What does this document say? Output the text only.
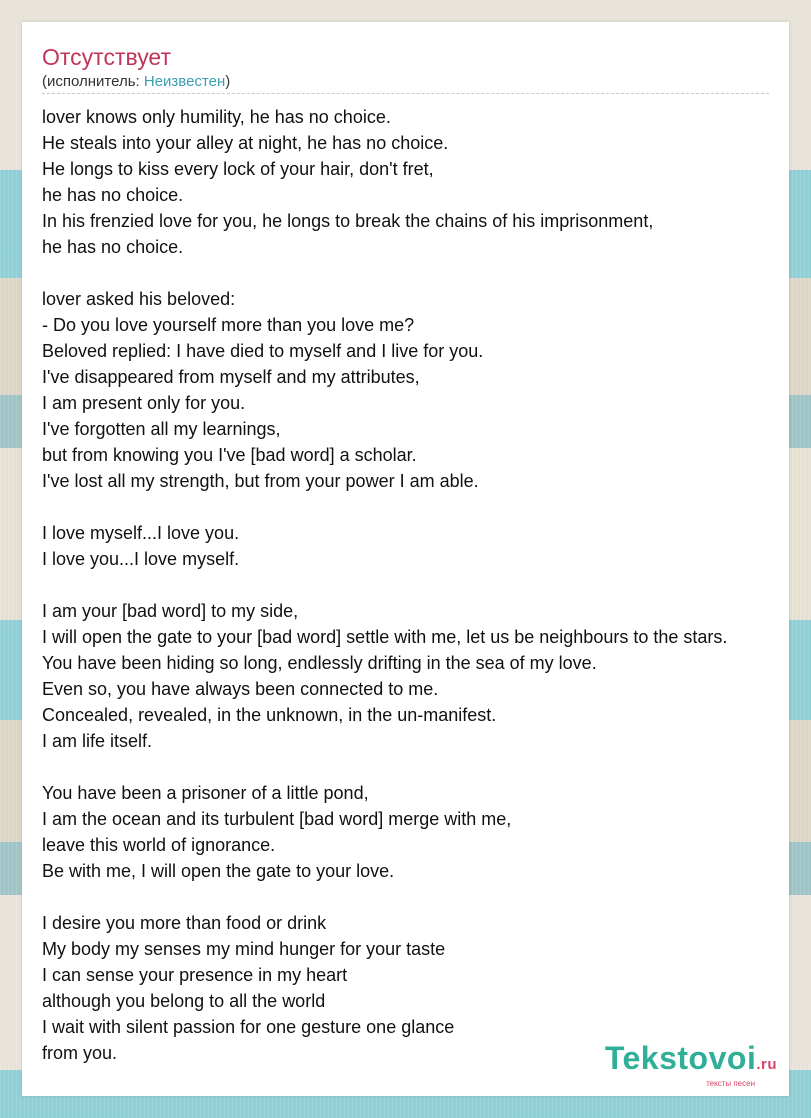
Отсутствует
(исполнитель: Неизвестен)
lover knows only humility, he has no choice.
He steals into your alley at night, he has no choice.
He longs to kiss every lock of your hair, don't fret,
he has no choice.
In his frenzied love for you, he longs to break the chains of his imprisonment,
he has no choice.

lover asked his beloved:
- Do you love yourself more than you love me?
Beloved replied: I have died to myself and I live for you.
I've disappeared from myself and my attributes,
I am present only for you.
I've forgotten all my learnings,
but from knowing you I've [bad word] a scholar.
I've lost all my strength, but from your power I am able.

I love myself...I love you.
I love you...I love myself.

I am your [bad word] to my side,
I will open the gate to your [bad word] settle with me, let us be neighbours to the stars.
You have been hiding so long, endlessly drifting in the sea of my love.
Even so, you have always been connected to me.
Concealed, revealed, in the unknown, in the un-manifest.
I am life itself.

You have been a prisoner of a little pond,
I am the ocean and its turbulent [bad word] merge with me,
leave this world of ignorance.
Be with me, I will open the gate to your love.

I desire you more than food or drink
My body my senses my mind hunger for your taste
I can sense your presence in my heart
although you belong to all the world
I wait with silent passion for one gesture one glance
from you.	Tekstovoi.ru
тексты песен
